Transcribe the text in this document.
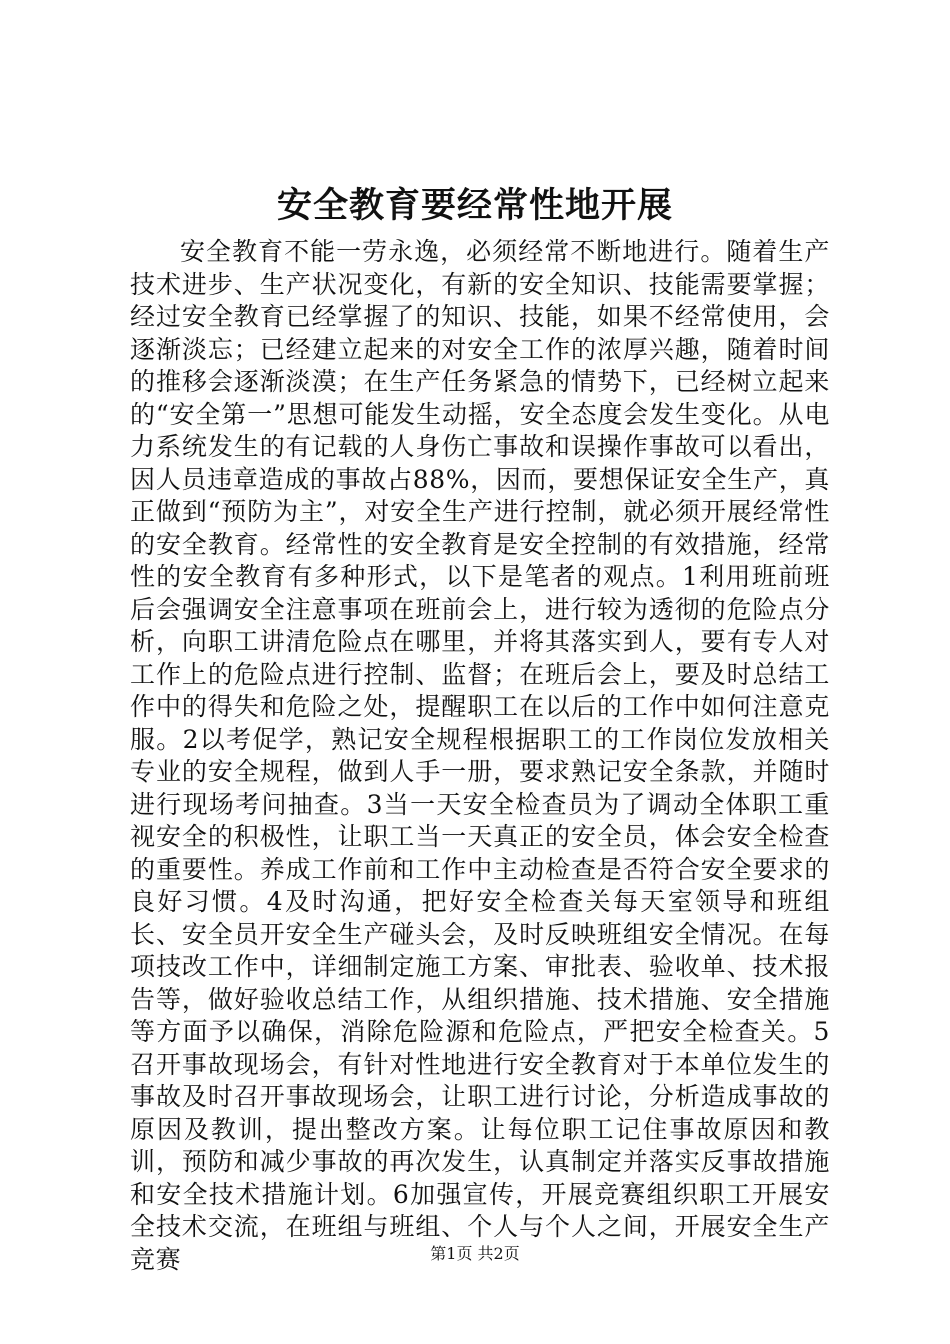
安全教育要经常性地开展

安全教育不能一劳永逸，必须经常不断地进行。随着生产技术进步、生产状况变化，有新的安全知识、技能需要掌握；经过安全教育已经掌握了的知识、技能，如果不经常使用，会逐渐淡忘；已经建立起来的对安全工作的浓厚兴趣，随着时间的推移会逐渐淡漠；在生产任务紧急的情势下，已经树立起来的“安全第一”思想可能发生动摇，安全态度会发生变化。从电力系统发生的有记载的人身伤亡事故和误操作事故可以看出，因人员违章造成的事故占88%，因而，要想保证安全生产，真正做到“预防为主”，对安全生产进行控制，就必须开展经常性的安全教育。经常性的安全教育是安全控制的有效措施，经常性的安全教育有多种形式，以下是笔者的观点。1利用班前班后会强调安全注意事项在班前会上，进行较为透彻的危险点分析，向职工讲清危险点在哪里，并将其落实到人，要有专人对工作上的危险点进行控制、监督；在班后会上，要及时总结工作中的得失和危险之处，提醒职工在以后的工作中如何注意克服。2以考促学，熟记安全规程根据职工的工作岗位发放相关专业的安全规程，做到人手一册，要求熟记安全条款，并随时进行现场考问抽查。3当一天安全检查员为了调动全体职工重视安全的积极性，让职工当一天真正的安全员，体会安全检查的重要性。养成工作前和工作中主动检查是否符合安全要求的良好习惯。4及时沟通，把好安全检查关每天室领导和班组长、安全员开安全生产碰头会，及时反映班组安全情况。在每项技改工作中，详细制定施工方案、审批表、验收单、技术报告等，做好验收总结工作，从组织措施、技术措施、安全措施等方面予以确保，消除危险源和危险点，严把安全检查关。5召开事故现场会，有针对性地进行安全教育对于本单位发生的事故及时召开事故现场会，让职工进行讨论，分析造成事故的原因及教训，提出整改方案。让每位职工记住事故原因和教训，预防和减少事故的再次发生，认真制定并落实反事故措施和安全技术措施计划。6加强宣传，开展竞赛组织职工开展安全技术交流，在班组与班组、个人与个人之间，开展安全生产竞赛	第1页 共2页
